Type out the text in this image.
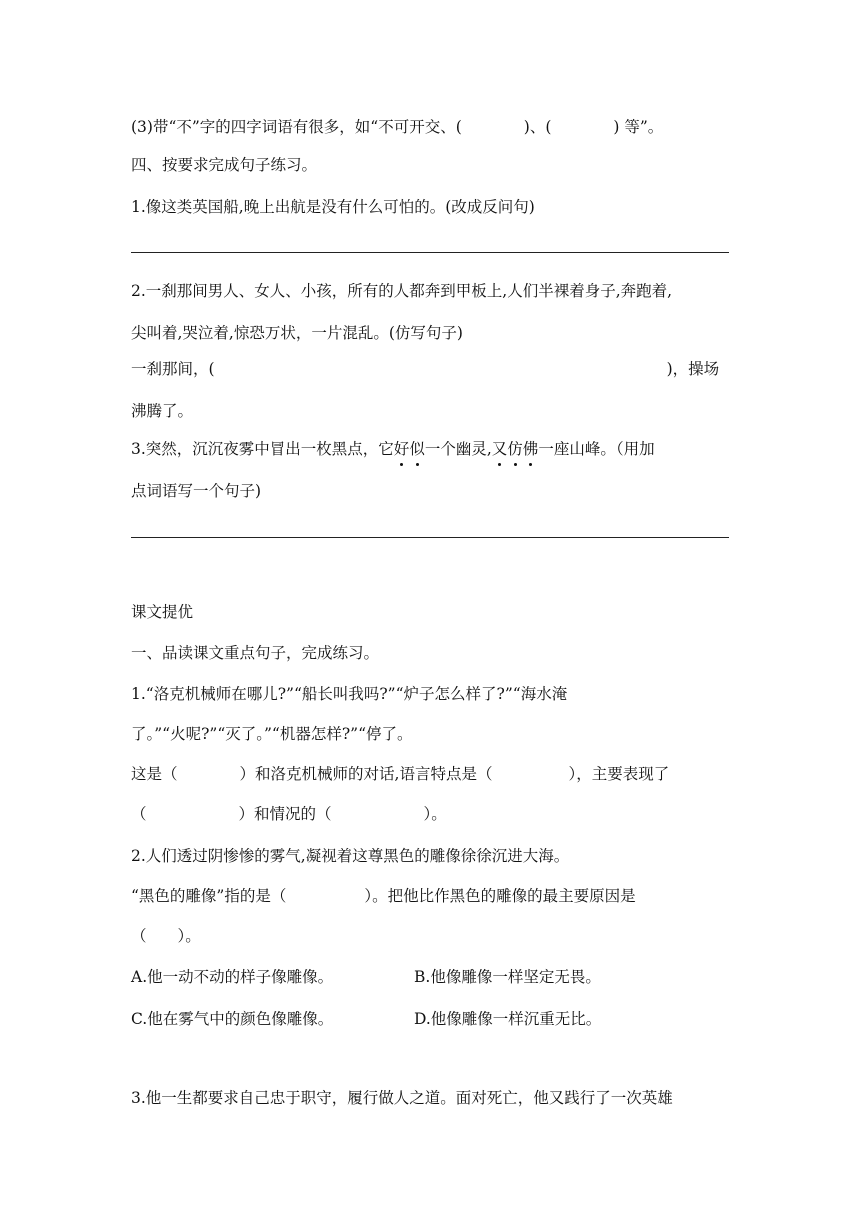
(3)带“不”字的四字词语有很多，如“不可开交、(	)、(	) 等”。
四、按要求完成句子练习。
1.像这类英国船,晚上出航是没有什么可怕的。(改成反问句)
2.一刹那间男人、女人、小孩，所有的人都奔到甲板上,人们半裸着身子,奔跑着,
尖叫着,哭泣着,惊恐万状，一片混乱。(仿写句子)
一刹那间，(	)，操场
沸腾了。
3.突然，沉沉夜雾中冒出一枚黑点，它好似一个幽灵,又仿佛一座山峰。（用加
点词语写一个句子)
课文提优
一、品读课文重点句子，完成练习。
1.“洛克机械师在哪儿?”“船长叫我吗?”“炉子怎么样了?”“海水淹
了。”“火呢?”“灭了。”“机器怎样?”“停了。
这是（	）和洛克机械师的对话,语言特点是（	），主要表现了
（	）和情况的（	）。
2.人们透过阴惨惨的雾气,凝视着这尊黑色的雕像徐徐沉进大海。
“黑色的雕像”指的是（	）。把他比作黑色的雕像的最主要原因是
（　　）。
A.他一动不动的样子像雕像。	B.他像雕像一样坚定无畏。
C.他在雾气中的颜色像雕像。	D.他像雕像一样沉重无比。
3.他一生都要求自己忠于职守，履行做人之道。面对死亡，他又践行了一次英雄
